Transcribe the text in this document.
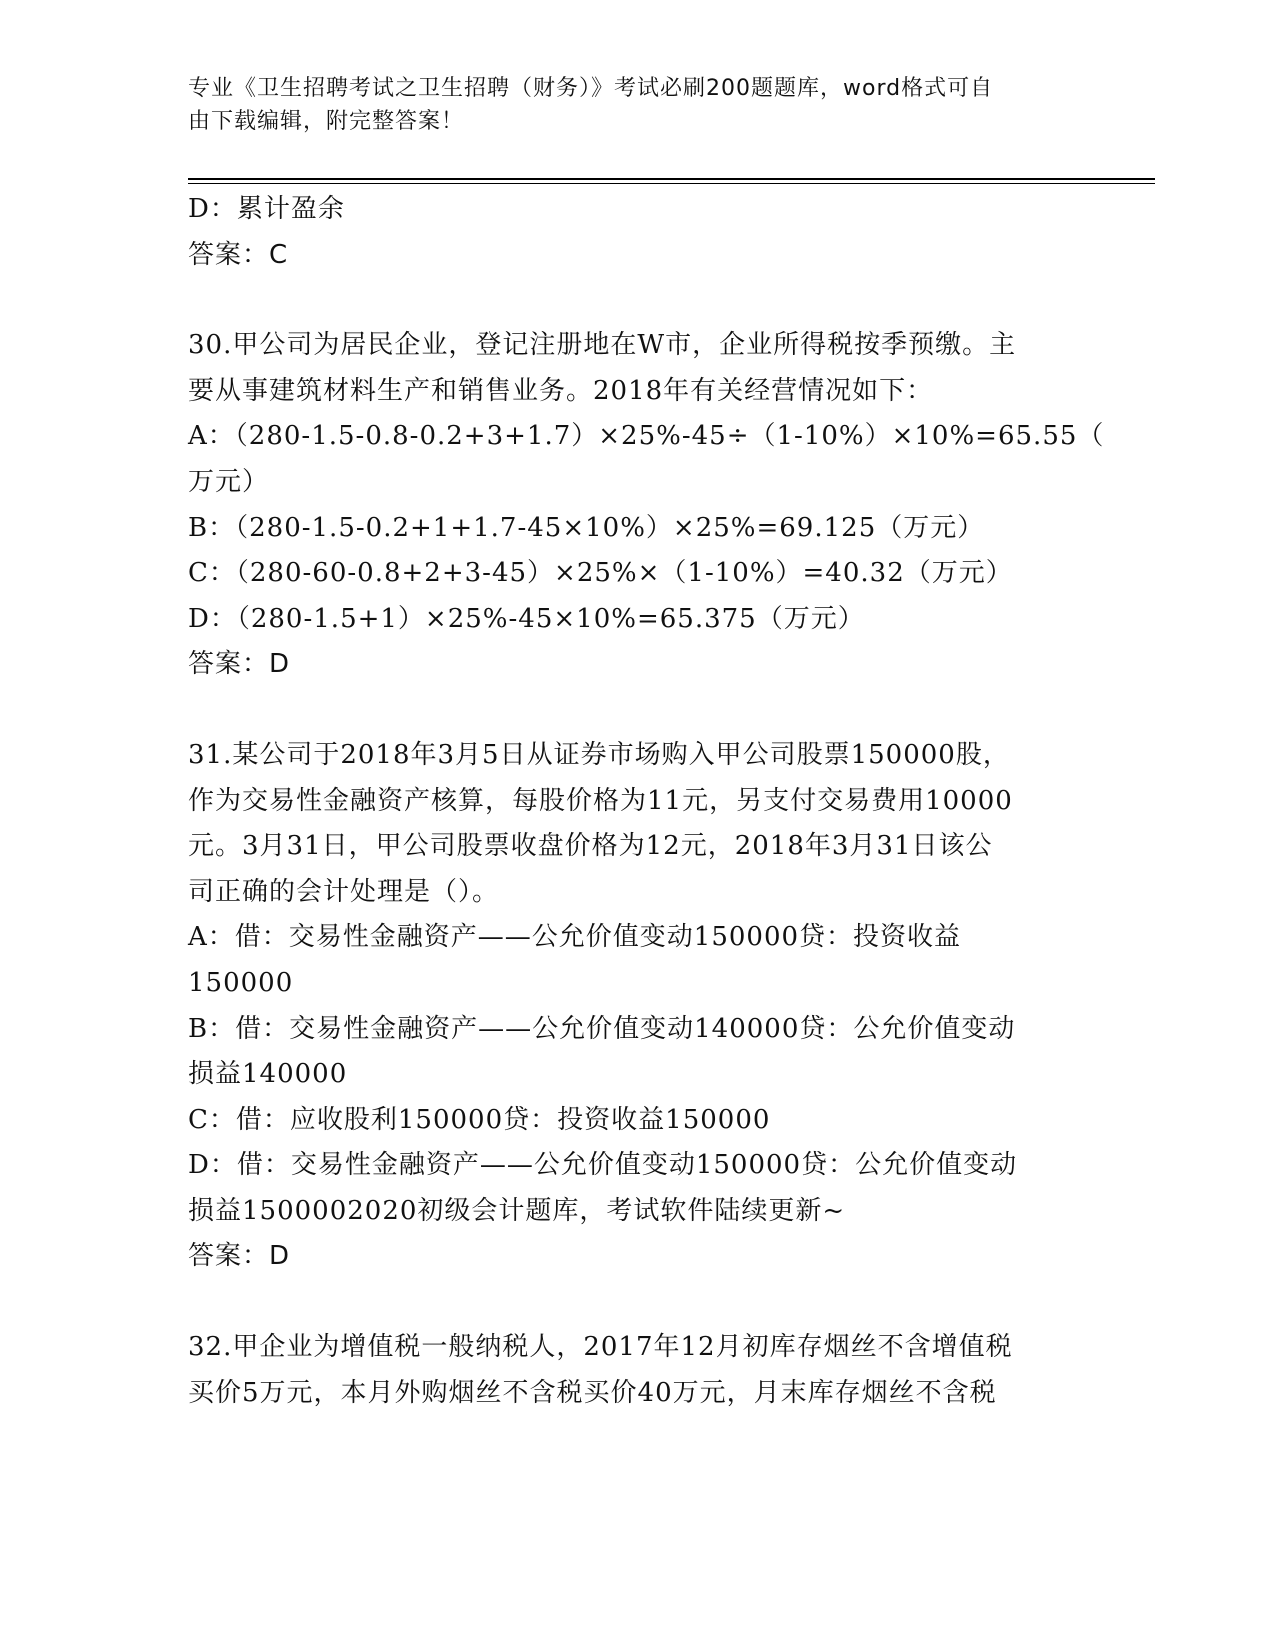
专业《卫生招聘考试之卫生招聘（财务）》考试必刷200题题库，word格式可自
由下载编辑，附完整答案！
D：累计盈余
答案：C
30.甲公司为居民企业，登记注册地在W市，企业所得税按季预缴。主
要从事建筑材料生产和销售业务。2018年有关经营情况如下：
A：（280-1.5-0.8-0.2+3+1.7）×25%-45÷（1-10%）×10%=65.55（
万元）
B：（280-1.5-0.2+1+1.7-45×10%）×25%=69.125（万元）
C：（280-60-0.8+2+3-45）×25%×（1-10%）=40.32（万元）
D：（280-1.5+1）×25%-45×10%=65.375（万元）
答案：D
31.某公司于2018年3月5日从证券市场购入甲公司股票150000股，
作为交易性金融资产核算，每股价格为11元，另支付交易费用10000
元。3月31日，甲公司股票收盘价格为12元，2018年3月31日该公
司正确的会计处理是（）。
A：借：交易性金融资产——公允价值变动150000贷：投资收益
150000
B：借：交易性金融资产——公允价值变动140000贷：公允价值变动
损益140000
C：借：应收股利150000贷：投资收益150000
D：借：交易性金融资产——公允价值变动150000贷：公允价值变动
损益1500002020初级会计题库，考试软件陆续更新~
答案：D
32.甲企业为增值税一般纳税人，2017年12月初库存烟丝不含增值税
买价5万元，本月外购烟丝不含税买价40万元，月末库存烟丝不含税
